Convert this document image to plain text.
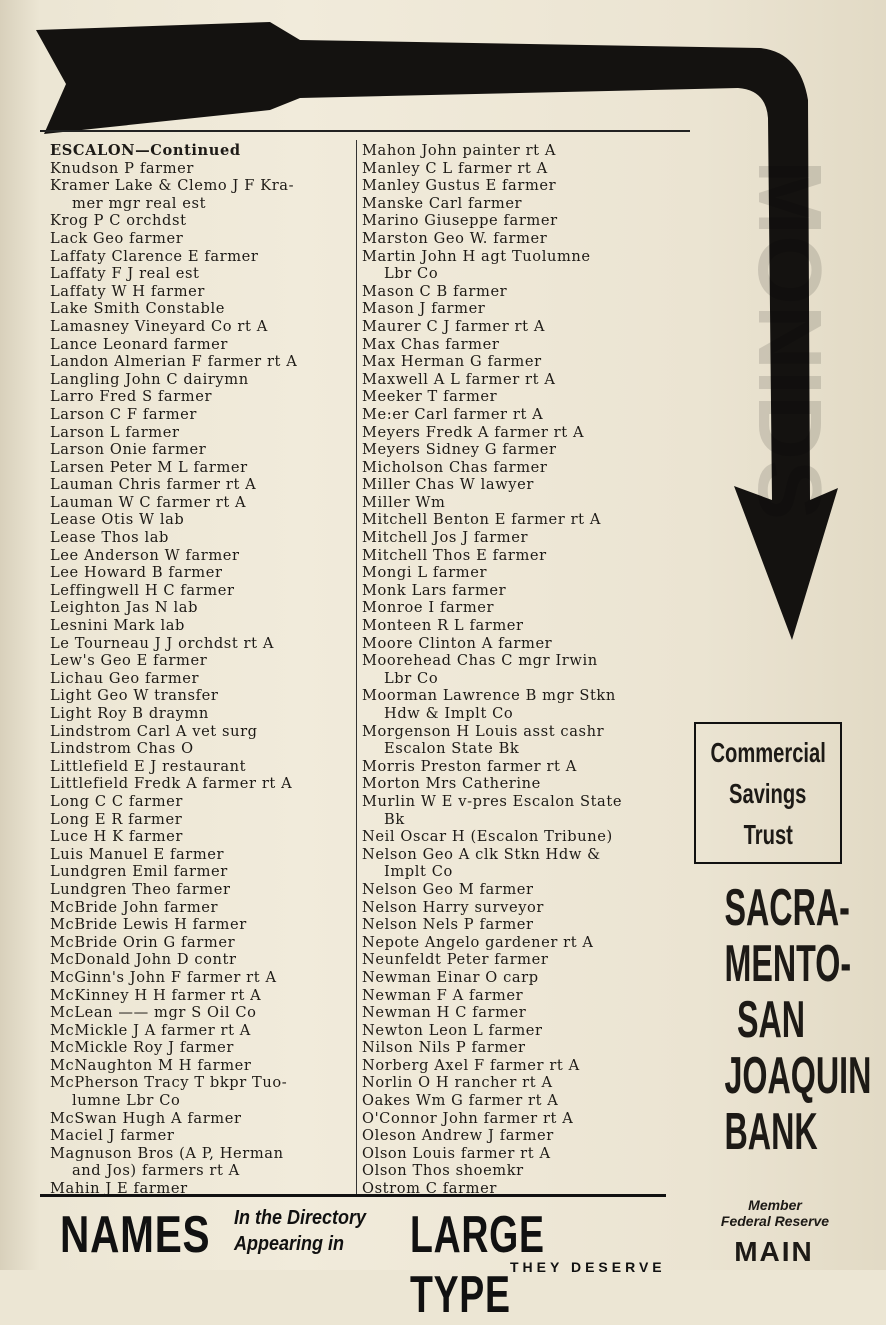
MONIDS
ESCALON—Continued
Knudson P farmer
Kramer Lake & Clemo J F Kra-
mer mgr real est
Krog P C orchdst
Lack Geo farmer
Laffaty Clarence E farmer
Laffaty F J real est
Laffaty W H farmer
Lake Smith Constable
Lamasney Vineyard Co rt A
Lance Leonard farmer
Landon Almerian F farmer rt A
Langling John C dairymn
Larro Fred S farmer
Larson C F farmer
Larson L farmer
Larson Onie farmer
Larsen Peter M L farmer
Lauman Chris farmer rt A
Lauman W C farmer rt A
Lease Otis W lab
Lease Thos lab
Lee Anderson W farmer
Lee Howard B farmer
Leffingwell H C farmer
Leighton Jas N lab
Lesnini Mark lab
Le Tourneau J J orchdst rt A
Lew's Geo E farmer
Lichau Geo farmer
Light Geo W transfer
Light Roy B draymn
Lindstrom Carl A vet surg
Lindstrom Chas O
Littlefield E J restaurant
Littlefield Fredk A farmer rt A
Long C C farmer
Long E R farmer
Luce H K farmer
Luis Manuel E farmer
Lundgren Emil farmer
Lundgren Theo farmer
McBride John farmer
McBride Lewis H farmer
McBride Orin G farmer
McDonald John D contr
McGinn's John F farmer rt A
McKinney H H farmer rt A
McLean —— mgr S Oil Co
McMickle J A farmer rt A
McMickle Roy J farmer
McNaughton M H farmer
McPherson Tracy T bkpr Tuo-
lumne Lbr Co
McSwan Hugh A farmer
Maciel J farmer
Magnuson Bros (A P, Herman
and Jos) farmers rt A
Mahin J E farmer
Mahon John painter rt A
Manley C L farmer rt A
Manley Gustus E farmer
Manske Carl farmer
Marino Giuseppe farmer
Marston Geo W. farmer
Martin John H agt Tuolumne
Lbr Co
Mason C B farmer
Mason J farmer
Maurer C J farmer rt A
Max Chas farmer
Max Herman G farmer
Maxwell A L farmer rt A
Meeker T farmer
Me:er Carl farmer rt A
Meyers Fredk A farmer rt A
Meyers Sidney G farmer
Micholson Chas farmer
Miller Chas W lawyer
Miller Wm
Mitchell Benton E farmer rt A
Mitchell Jos J farmer
Mitchell Thos E farmer
Mongi L farmer
Monk Lars farmer
Monroe I farmer
Monteen R L farmer
Moore Clinton A farmer
Moorehead Chas C mgr Irwin
Lbr Co
Moorman Lawrence B mgr Stkn
Hdw & Implt Co
Morgenson H Louis asst cashr
Escalon State Bk
Morris Preston farmer rt A
Morton Mrs Catherine
Murlin W E v-pres Escalon State
Bk
Neil Oscar H (Escalon Tribune)
Nelson Geo A clk Stkn Hdw &
Implt Co
Nelson Geo M farmer
Nelson Harry surveyor
Nelson Nels P farmer
Nepote Angelo gardener rt A
Neunfeldt Peter farmer
Newman Einar O carp
Newman F A farmer
Newman H C farmer
Newton Leon L farmer
Nilson Nils P farmer
Norberg Axel F farmer rt A
Norlin O H rancher rt A
Oakes Wm G farmer rt A
O'Connor John farmer rt A
Oleson Andrew J farmer
Olson Louis farmer rt A
Olson Thos shoemkr
Ostrom C farmer
Commercial
Savings
Trust
SACRA-
MENTO-
SAN
JOAQUIN
BANK
Member
Federal Reserve
MAIN
NAMES In the Directory
Appearing in	LARGE TYPE THEY DESERVE
